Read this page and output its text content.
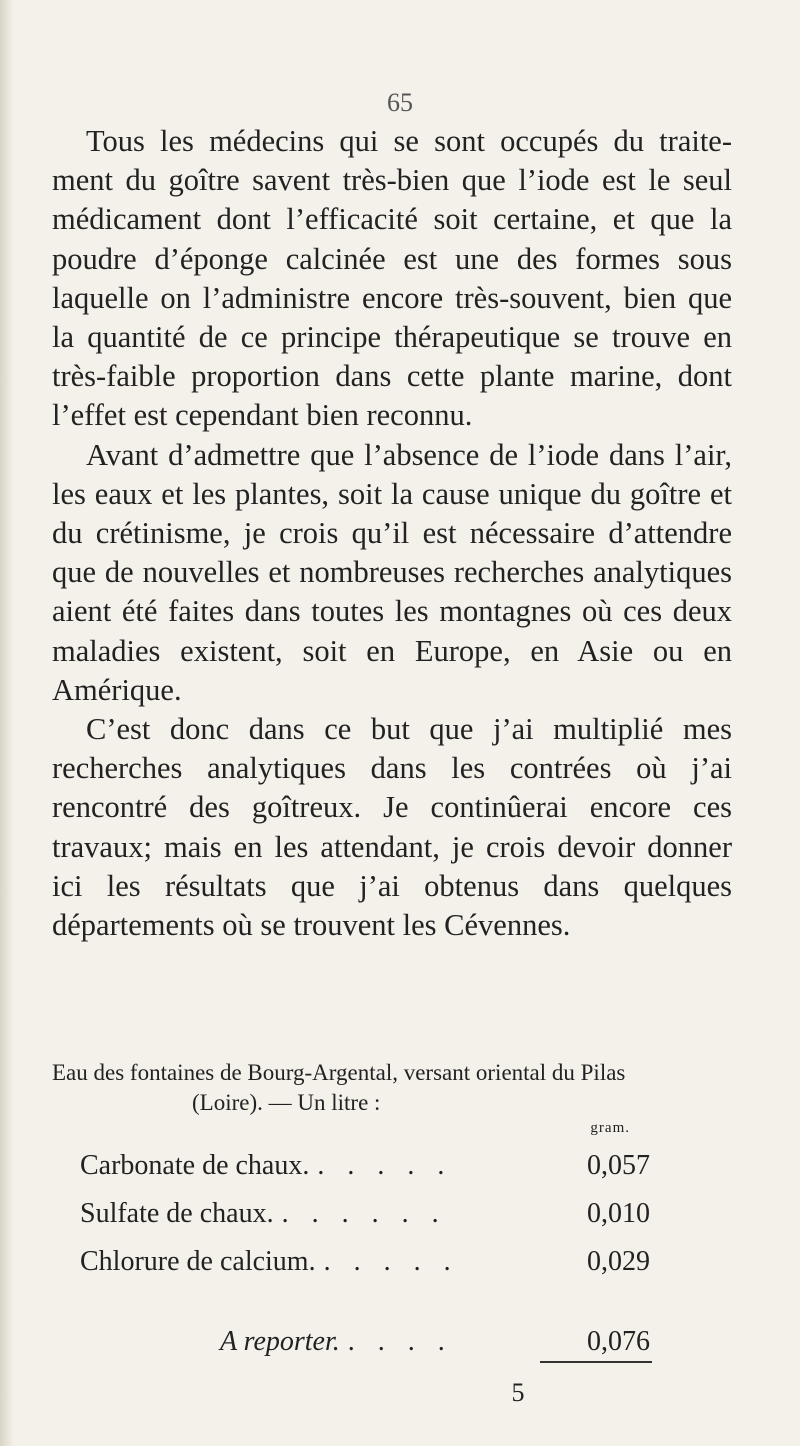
65

Tous les médecins qui se sont occupés du traite-ment du goître savent très-bien que l’iode est le seul médicament dont l’efficacité soit certaine, et que la poudre d’éponge calcinée est une des formes sous laquelle on l’administre encore très-souvent, bien que la quantité de ce principe thérapeutique se trouve en très-faible proportion dans cette plante marine, dont l’effet est cependant bien reconnu.

Avant d’admettre que l’absence de l’iode dans l’air, les eaux et les plantes, soit la cause unique du goître et du crétinisme, je crois qu’il est nécessaire d’attendre que de nouvelles et nombreuses recherches analytiques aient été faites dans toutes les montagnes où ces deux maladies existent, soit en Europe, en Asie ou en Amérique.

C’est donc dans ce but que j’ai multiplié mes recherches analytiques dans les contrées où j’ai rencontré des goîtreux. Je continûerai encore ces travaux; mais en les attendant, je crois devoir donner ici les résultats que j’ai obtenus dans quelques départements où se trouvent les Cévennes.

Eau des fontaines de Bourg-Argental, versant oriental du Pilas
(Loire). — Un litre :
gram.
Carbonate de chaux. . . . . .	0,057
Sulfate de chaux. . . . . . .	0,010
Chlorure de calcium. . . . . .	0,029
A reporter. . . . .	0,076
5
